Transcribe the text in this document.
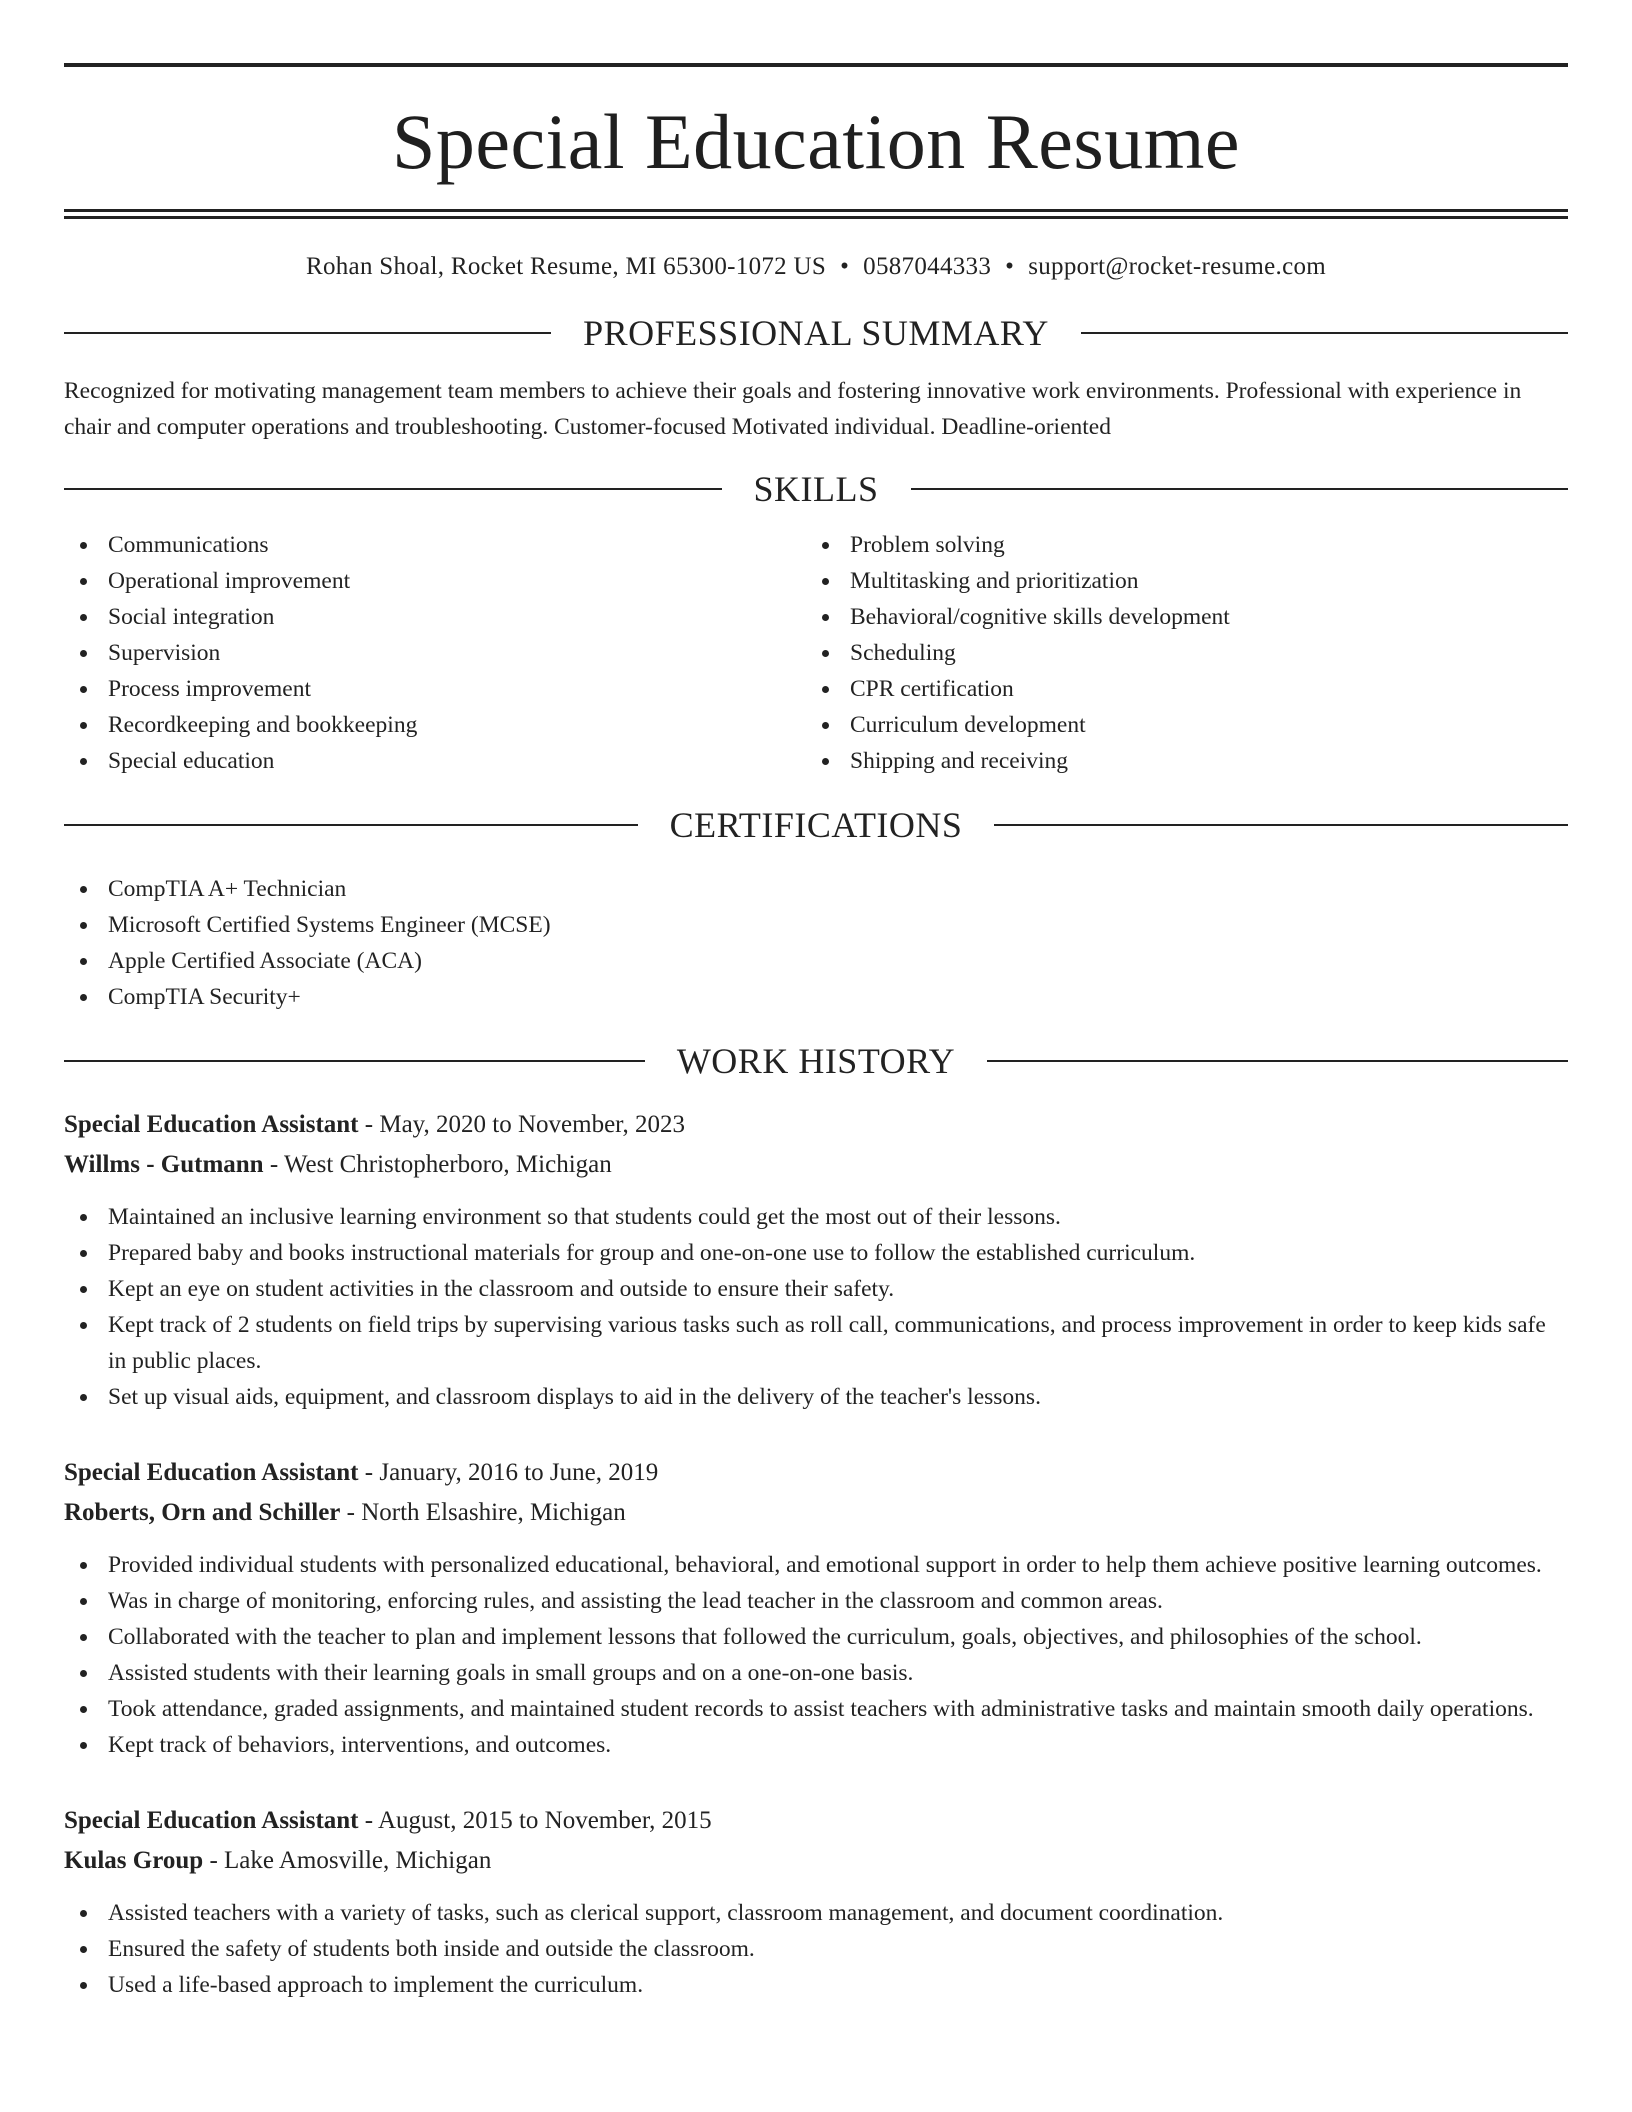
Special Education Resume
Rohan Shoal, Rocket Resume, MI 65300-1072 US • 0587044333 • support@rocket-resume.com
PROFESSIONAL SUMMARY

Recognized for motivating management team members to achieve their goals and fostering innovative work environments. Professional with experience in chair and computer operations and troubleshooting. Customer-focused Motivated individual. Deadline-oriented

SKILLS
Communications
Operational improvement
Social integration
Supervision
Process improvement
Recordkeeping and bookkeeping
Special education
Problem solving
Multitasking and prioritization
Behavioral/cognitive skills development
Scheduling
CPR certification
Curriculum development
Shipping and receiving
CERTIFICATIONS
CompTIA A+ Technician
Microsoft Certified Systems Engineer (MCSE)
Apple Certified Associate (ACA)
CompTIA Security+
WORK HISTORY
Special Education Assistant - May, 2020 to November, 2023
Willms - Gutmann - West Christopherboro, Michigan
Maintained an inclusive learning environment so that students could get the most out of their lessons.
Prepared baby and books instructional materials for group and one-on-one use to follow the established curriculum.
Kept an eye on student activities in the classroom and outside to ensure their safety.
Kept track of 2 students on field trips by supervising various tasks such as roll call, communications, and process improvement in order to keep kids safe in public places.
Set up visual aids, equipment, and classroom displays to aid in the delivery of the teacher's lessons.
Special Education Assistant - January, 2016 to June, 2019
Roberts, Orn and Schiller - North Elsashire, Michigan
Provided individual students with personalized educational, behavioral, and emotional support in order to help them achieve positive learning outcomes.
Was in charge of monitoring, enforcing rules, and assisting the lead teacher in the classroom and common areas.
Collaborated with the teacher to plan and implement lessons that followed the curriculum, goals, objectives, and philosophies of the school.
Assisted students with their learning goals in small groups and on a one-on-one basis.
Took attendance, graded assignments, and maintained student records to assist teachers with administrative tasks and maintain smooth daily operations.
Kept track of behaviors, interventions, and outcomes.
Special Education Assistant - August, 2015 to November, 2015
Kulas Group - Lake Amosville, Michigan
Assisted teachers with a variety of tasks, such as clerical support, classroom management, and document coordination.
Ensured the safety of students both inside and outside the classroom.
Used a life-based approach to implement the curriculum.
